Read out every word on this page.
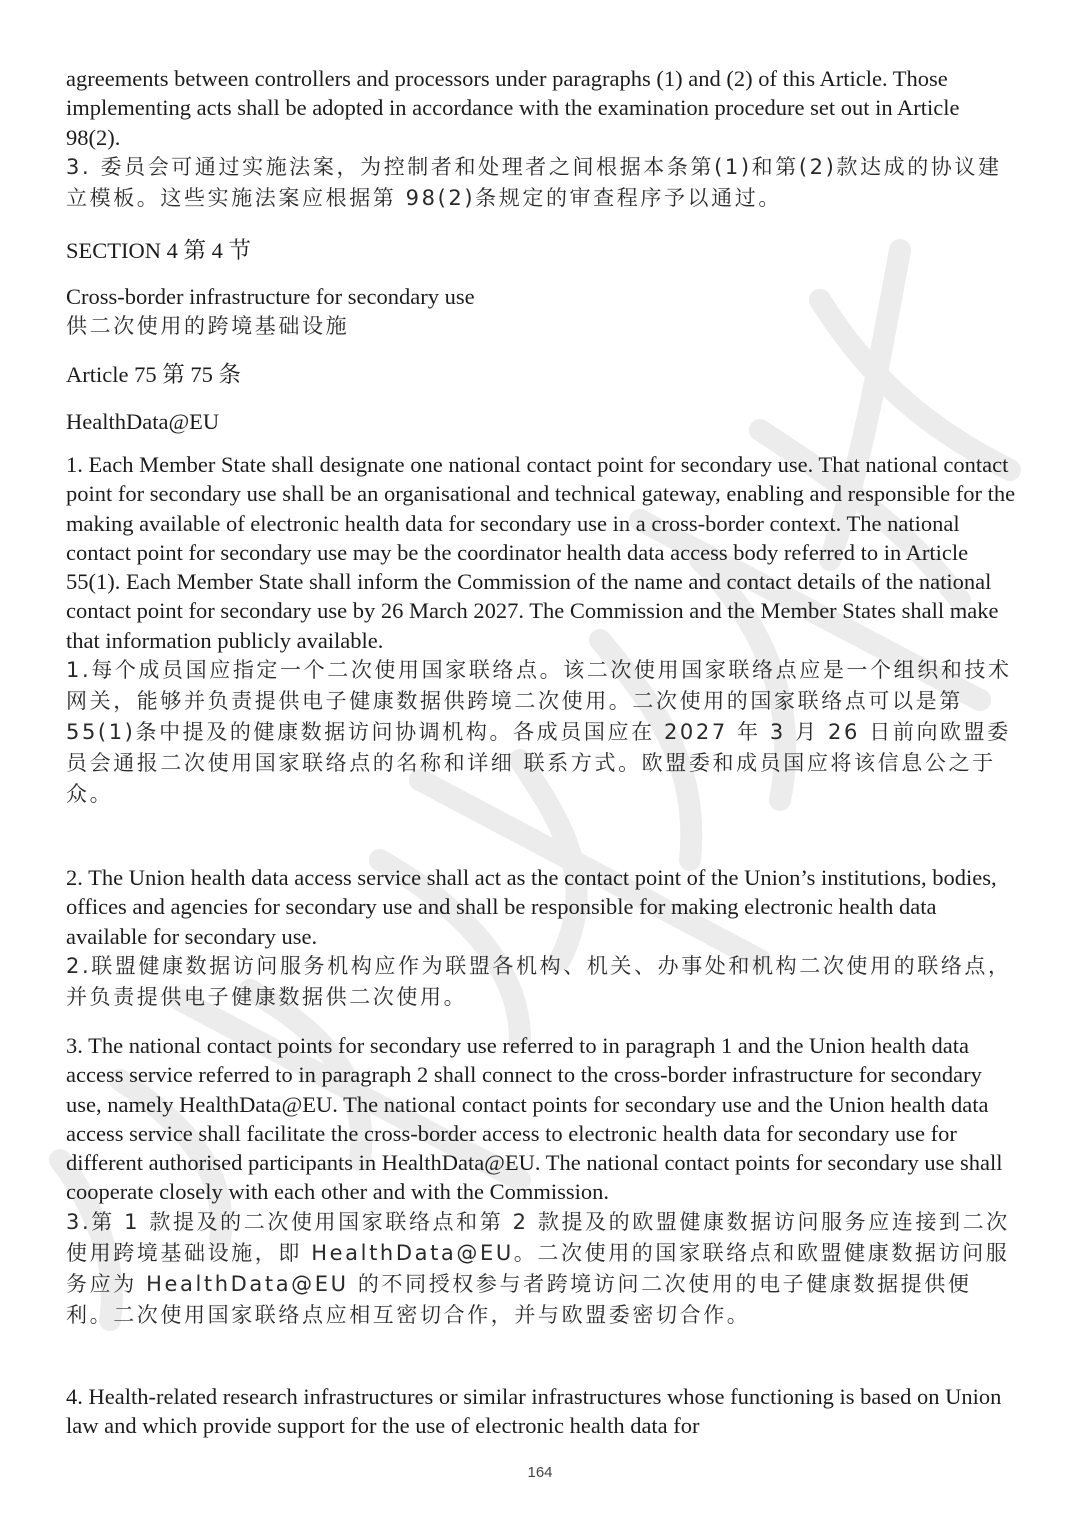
agreements between controllers and processors under paragraphs (1) and (2) of this Article. Those implementing acts shall be adopted in accordance with the examination procedure set out in Article 98(2).

3. 委员会可通过实施法案，为控制者和处理者之间根据本条第(1)和第(2)款达成的协议建立模板。这些实施法案应根据第 98(2)条规定的审查程序予以通过。

SECTION 4 第 4 节

Cross-border infrastructure for secondary use

供二次使用的跨境基础设施

Article 75 第 75 条

HealthData@EU

1. Each Member State shall designate one national contact point for secondary use. That national contact point for secondary use shall be an organisational and technical gateway, enabling and responsible for the making available of electronic health data for secondary use in a cross-border context. The national contact point for secondary use may be the coordinator health data access body referred to in Article 55(1). Each Member State shall inform the Commission of the name and contact details of the national contact point for secondary use by 26 March 2027. The Commission and the Member States shall make that information publicly available.

1.每个成员国应指定一个二次使用国家联络点。该二次使用国家联络点应是一个组织和技术网关，能够并负责提供电子健康数据供跨境二次使用。二次使用的国家联络点可以是第 55(1)条中提及的健康数据访问协调机构。各成员国应在 2027 年 3 月 26 日前向欧盟委员会通报二次使用国家联络点的名称和详细 联系方式。欧盟委和成员国应将该信息公之于众。

2. The Union health data access service shall act as the contact point of the Union’s institutions, bodies, offices and agencies for secondary use and shall be responsible for making electronic health data available for secondary use.

2.联盟健康数据访问服务机构应作为联盟各机构、机关、办事处和机构二次使用的联络点，并负责提供电子健康数据供二次使用。

3. The national contact points for secondary use referred to in paragraph 1 and the Union health data access service referred to in paragraph 2 shall connect to the cross-border infrastructure for secondary use, namely HealthData@EU. The national contact points for secondary use and the Union health data access service shall facilitate the cross-border access to electronic health data for secondary use for different authorised participants in HealthData@EU. The national contact points for secondary use shall cooperate closely with each other and with the Commission.

3.第 1 款提及的二次使用国家联络点和第 2 款提及的欧盟健康数据访问服务应连接到二次使用跨境基础设施，即 HealthData@EU。二次使用的国家联络点和欧盟健康数据访问服务应为 HealthData@EU 的不同授权参与者跨境访问二次使用的电子健康数据提供便利。二次使用国家联络点应相互密切合作，并与欧盟委密切合作。

4. Health-related research infrastructures or similar infrastructures whose functioning is based on Union law and which provide support for the use of electronic health data for

164
